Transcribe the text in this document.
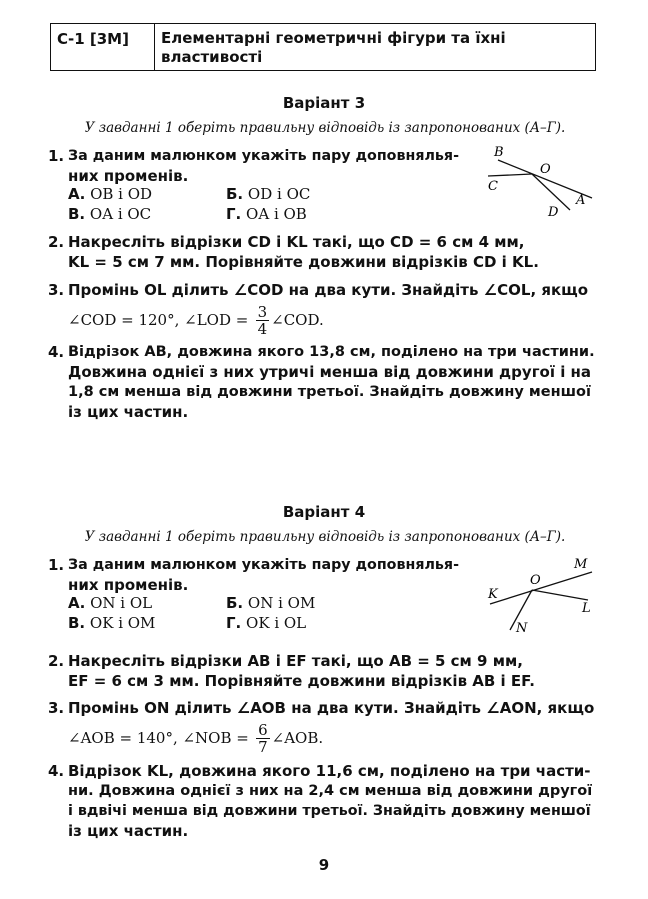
С-1 [3М]	Елементарні геометричні фігури та їхні
властивості
Варіант 3
У завданні 1 оберіть правильну відповідь із запропонованих (А–Г).
1. За даним малюнком укажіть пару доповнялья-
них променів.
А. OB і OD	Б. OD і OC
В. OA і OC	Г. OA і OB
B
C
O
A
D
2. Накресліть відрізки CD і KL такі, що CD = 6 см 4 мм,
KL = 5 см 7 мм. Порівняйте довжини відрізків CD і KL.
3. Промінь OL ділить ∠COD на два кути. Знайдіть ∠COL, якщо
∠COD = 120°, ∠LOD = $\frac{3}{4}$ ∠COD.
4. Відрізок AB, довжина якого 13,8 см, поділено на три частини.
Довжина однієї з них утричі менша від довжини другої і на
1,8 см менша від довжини третьої. Знайдіть довжину меншої
із цих частин.
Варіант 4
У завданні 1 оберіть правильну відповідь із запропонованих (А–Г).
1. За даним малюнком укажіть пару доповнялья-
них променів.
А. ON і OL	Б. ON і OM
В. OK і OM	Г. OK і OL
M
O
K
L
N
2. Накресліть відрізки AB і EF такі, що AB = 5 см 9 мм,
EF = 6 см 3 мм. Порівняйте довжини відрізків AB і EF.
3. Промінь ON ділить ∠AOB на два кути. Знайдіть ∠AON, якщо
∠AOB = 140°, ∠NOB = $\frac{6}{7}$ ∠AOB.
4. Відрізок KL, довжина якого 11,6 см, поділено на три части-
ни. Довжина однієї з них на 2,4 см менша від довжини другої
і вдвічі менша від довжини третьої. Знайдіть довжину меншої
із цих частин.
9
